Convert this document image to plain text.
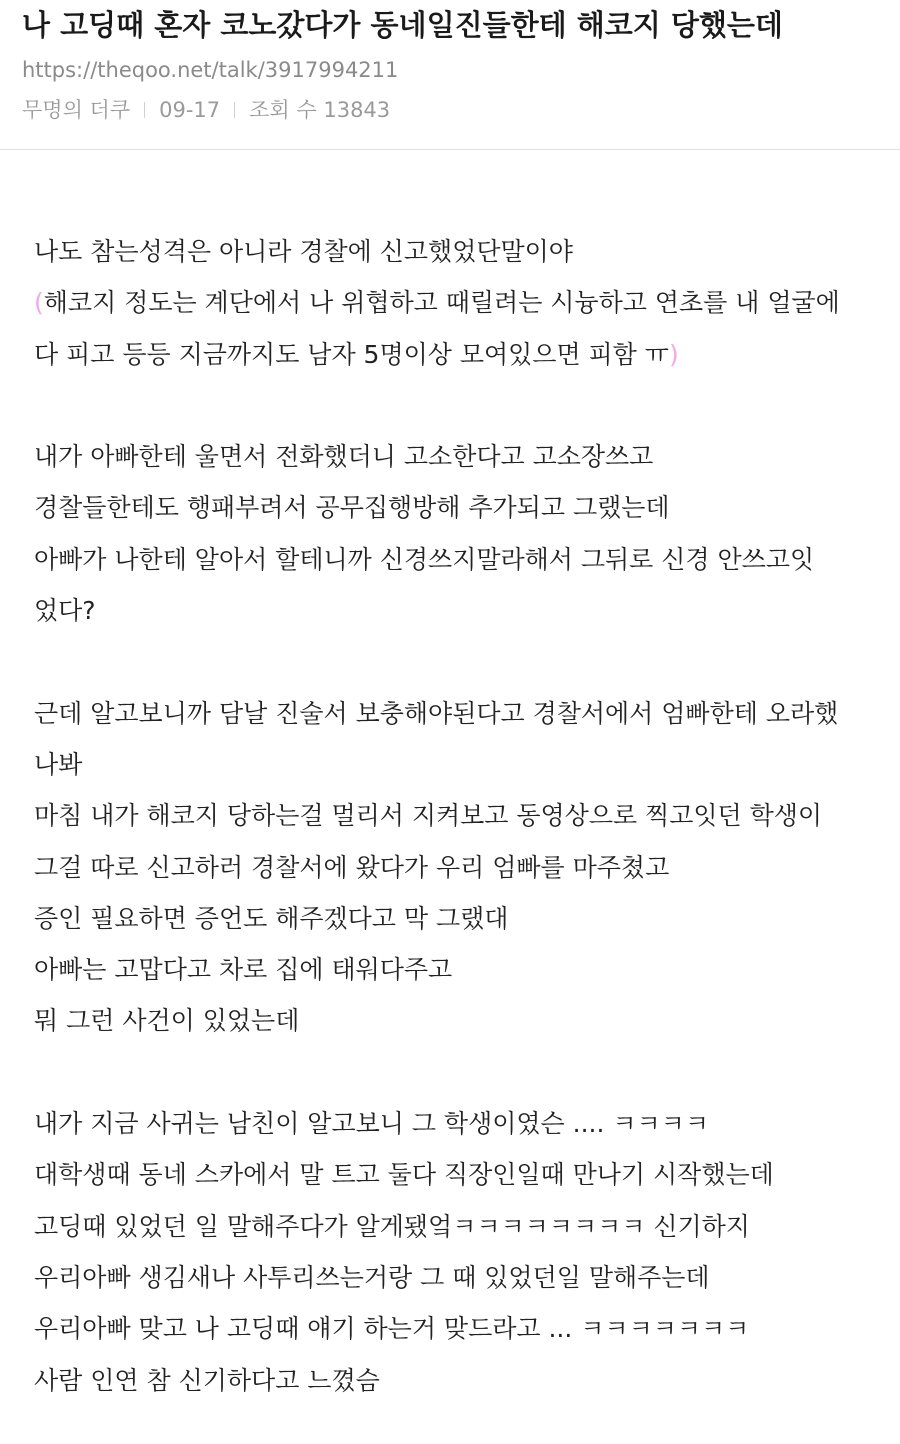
나 고딩때 혼자 코노갔다가 동네일진들한테 해코지 당했는데
https://theqoo.net/talk/3917994211
무명의 더쿠 09-17 조회 수 13843
나도 참는성격은 아니라 경찰에 신고했었단말이야
(해코지 정도는 계단에서 나 위협하고 때릴려는 시늉하고 연초를 내 얼굴에
다 피고 등등 지금까지도 남자 5명이상 모여있으면 피함 ㅠ)
내가 아빠한테 울면서 전화했더니 고소한다고 고소장쓰고
경찰들한테도 행패부려서 공무집행방해 추가되고 그랬는데
아빠가 나한테 알아서 할테니까 신경쓰지말라해서 그뒤로 신경 안쓰고잇
었다?
근데 알고보니까 담날 진술서 보충해야된다고 경찰서에서 엄빠한테 오라했
나봐
마침 내가 해코지 당하는걸 멀리서 지켜보고 동영상으로 찍고잇던 학생이
그걸 따로 신고하러 경찰서에 왔다가 우리 엄빠를 마주쳤고
증인 필요하면 증언도 해주겠다고 막 그랬대
아빠는 고맙다고 차로 집에 태워다주고
뭐 그런 사건이 있었는데
내가 지금 사귀는 남친이 알고보니 그 학생이였슨 .... ㅋㅋㅋㅋ
대학생때 동네 스카에서 말 트고 둘다 직장인일때 만나기 시작했는데
고딩때 있었던 일 말해주다가 알게됐엌ㅋㅋㅋㅋㅋㅋㅋㅋ 신기하지
우리아빠 생김새나 사투리쓰는거랑 그 때 있었던일 말해주는데
우리아빠 맞고 나 고딩때 얘기 하는거 맞드라고 ... ㅋㅋㅋㅋㅋㅋㅋ
사람 인연 참 신기하다고 느꼈슴
